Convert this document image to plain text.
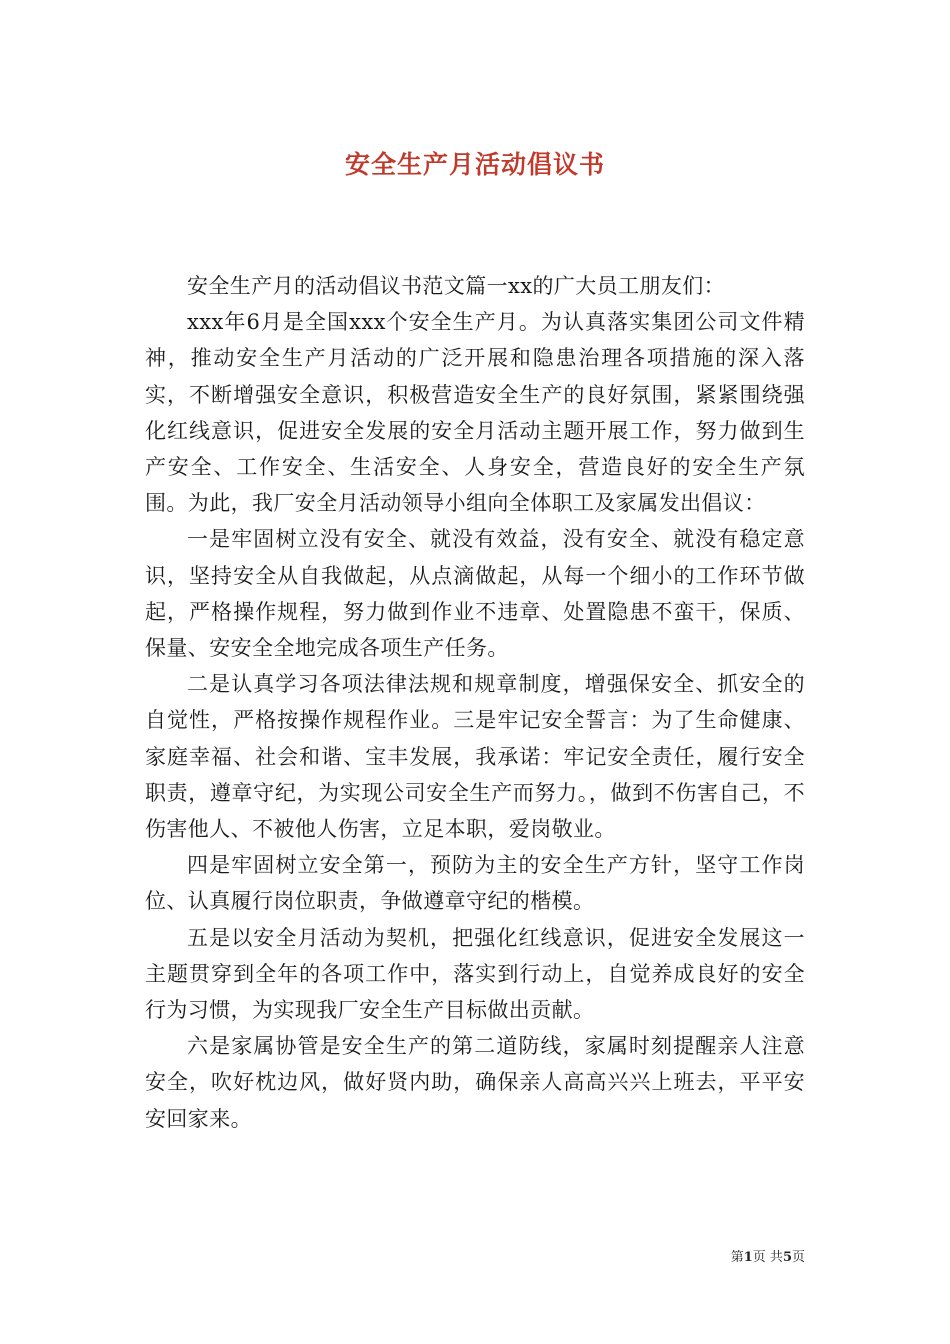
安全生产月活动倡议书

安全生产月的活动倡议书范文篇一xx的广大员工朋友们：

xxx年6月是全国xxx个安全生产月。为认真落实集团公司文件精神，推动安全生产月活动的广泛开展和隐患治理各项措施的深入落实，不断增强安全意识，积极营造安全生产的良好氛围，紧紧围绕强化红线意识，促进安全发展的安全月活动主题开展工作，努力做到生产安全、工作安全、生活安全、人身安全，营造良好的安全生产氛围。为此，我厂安全月活动领导小组向全体职工及家属发出倡议：

一是牢固树立没有安全、就没有效益，没有安全、就没有稳定意识，坚持安全从自我做起，从点滴做起，从每一个细小的工作环节做起，严格操作规程，努力做到作业不违章、处置隐患不蛮干，保质、保量、安安全全地完成各项生产任务。

二是认真学习各项法律法规和规章制度，增强保安全、抓安全的自觉性，严格按操作规程作业。三是牢记安全誓言：为了生命健康、家庭幸福、社会和谐、宝丰发展，我承诺：牢记安全责任，履行安全职责，遵章守纪，为实现公司安全生产而努力。，做到不伤害自己，不伤害他人、不被他人伤害，立足本职，爱岗敬业。

四是牢固树立安全第一，预防为主的安全生产方针，坚守工作岗位、认真履行岗位职责，争做遵章守纪的楷模。

五是以安全月活动为契机，把强化红线意识，促进安全发展这一主题贯穿到全年的各项工作中，落实到行动上，自觉养成良好的安全行为习惯，为实现我厂安全生产目标做出贡献。

六是家属协管是安全生产的第二道防线，家属时刻提醒亲人注意安全，吹好枕边风，做好贤内助，确保亲人高高兴兴上班去，平平安安回家来。

第1页 共5页
